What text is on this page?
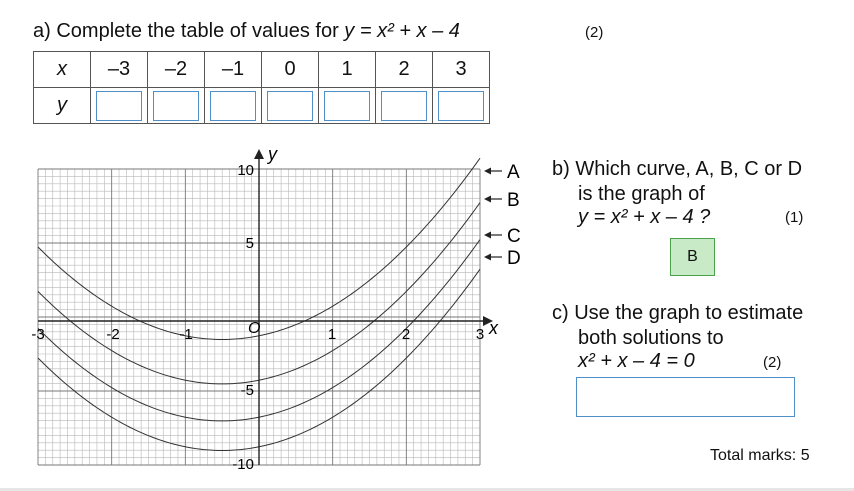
a) Complete the table of values for y = x² + x – 4	(2)
x	–3	–2	–1	0	1	2	3
y	

-3	-2	-1	1	2	3
10
5
-5
-10
O
y
x
A
B
C
D
b) Which curve, A, B, C or D
is the graph of
y = x² + x – 4 ?	(1)
B
c) Use the graph to estimate
both solutions to
x² + x – 4 = 0	(2)
Total marks: 5
